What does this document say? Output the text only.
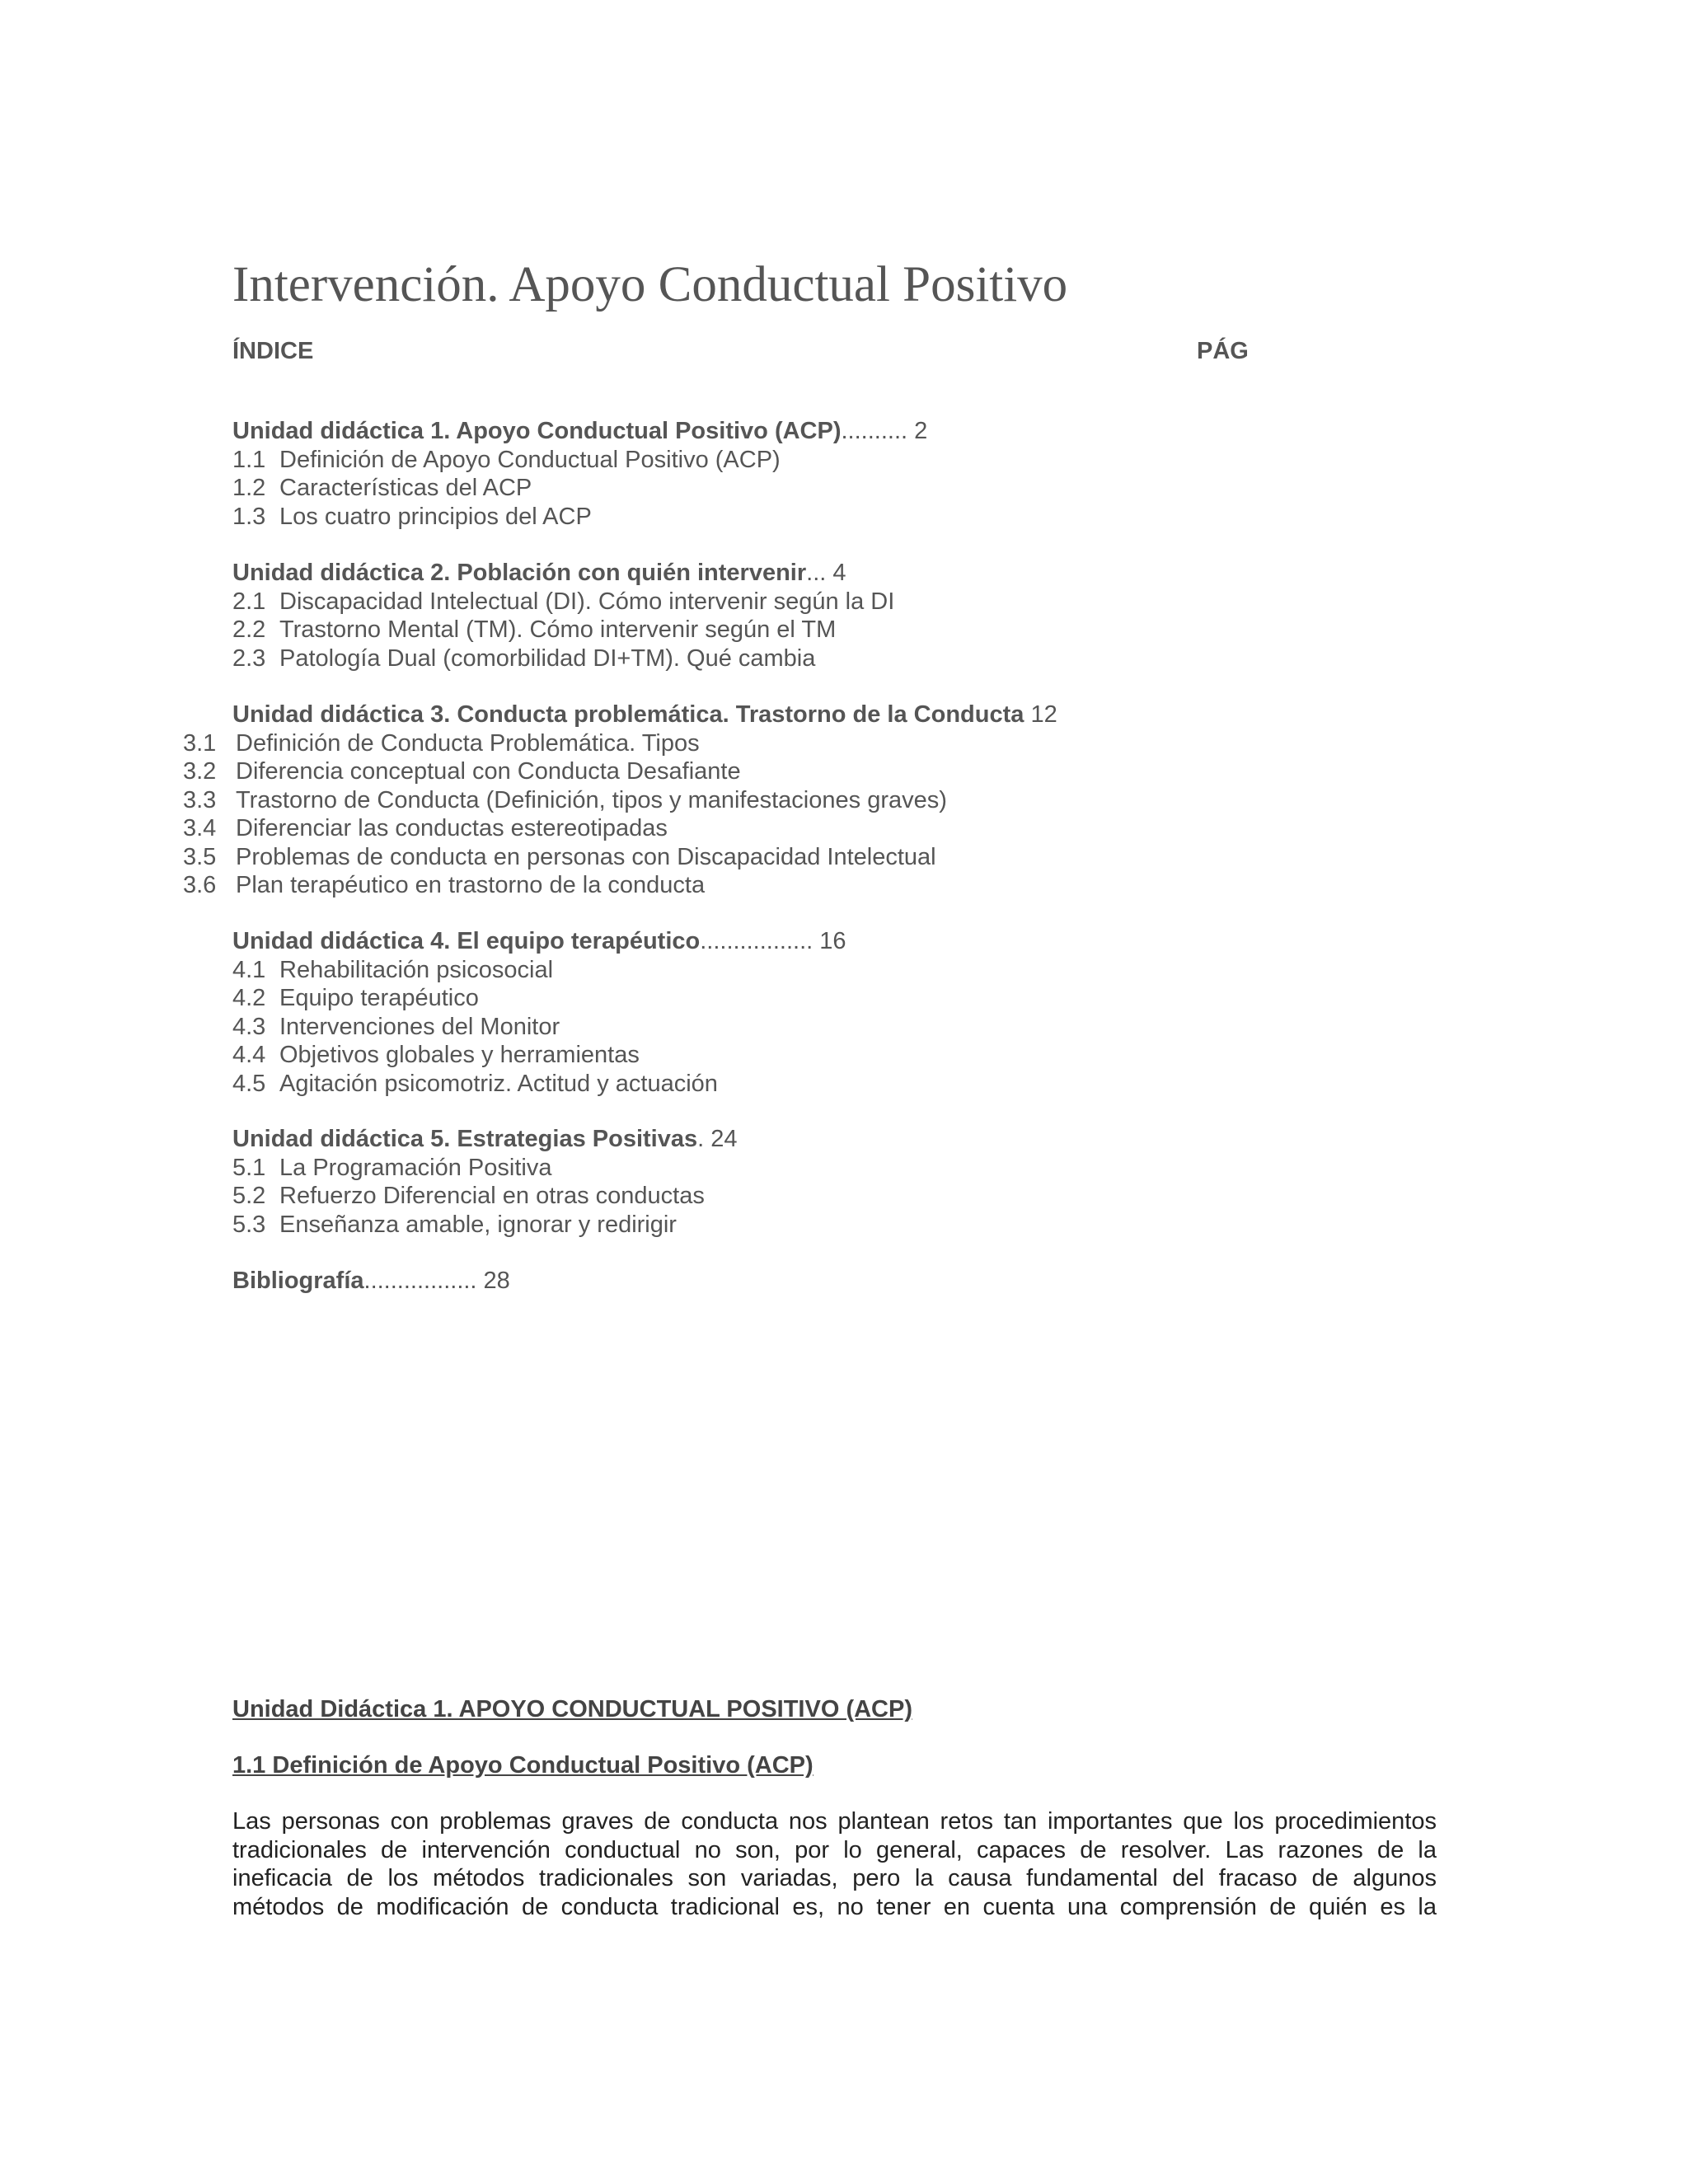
Intervención. Apoyo Conductual Positivo
ÍNDICE	PÁG
Unidad didáctica 1. Apoyo Conductual Positivo (ACP).......... 2
1.1 Definición de Apoyo Conductual Positivo (ACP)
1.2 Características del ACP
1.3 Los cuatro principios del ACP
Unidad didáctica 2. Población con quién intervenir... 4
2.1 Discapacidad Intelectual (DI). Cómo intervenir según la DI
2.2 Trastorno Mental (TM). Cómo intervenir según el TM
2.3 Patología Dual (comorbilidad DI+TM). Qué cambia
Unidad didáctica 3. Conducta problemática. Trastorno de la Conducta 12
3.1 Definición de Conducta Problemática. Tipos
3.2 Diferencia conceptual con Conducta Desafiante
3.3 Trastorno de Conducta (Definición, tipos y manifestaciones graves)
3.4 Diferenciar las conductas estereotipadas
3.5 Problemas de conducta en personas con Discapacidad Intelectual
3.6 Plan terapéutico en trastorno de la conducta
Unidad didáctica 4. El equipo terapéutico................. 16
4.1 Rehabilitación psicosocial
4.2 Equipo terapéutico
4.3 Intervenciones del Monitor
4.4 Objetivos globales y herramientas
4.5 Agitación psicomotriz. Actitud y actuación
Unidad didáctica 5. Estrategias Positivas. 24
5.1 La Programación Positiva
5.2 Refuerzo Diferencial en otras conductas
5.3 Enseñanza amable, ignorar y redirigir
Bibliografía................. 28
Unidad Didáctica 1. APOYO CONDUCTUAL POSITIVO (ACP)
1.1 Definición de Apoyo Conductual Positivo (ACP)
Las personas con problemas graves de conducta nos plantean retos tan importantes que los procedimientos
tradicionales de intervención conductual no son, por lo general, capaces de resolver. Las razones de la
ineficacia de los métodos tradicionales son variadas, pero la causa fundamental del fracaso de algunos
métodos de modificación de conducta tradicional es, no tener en cuenta una comprensión de quién es la
